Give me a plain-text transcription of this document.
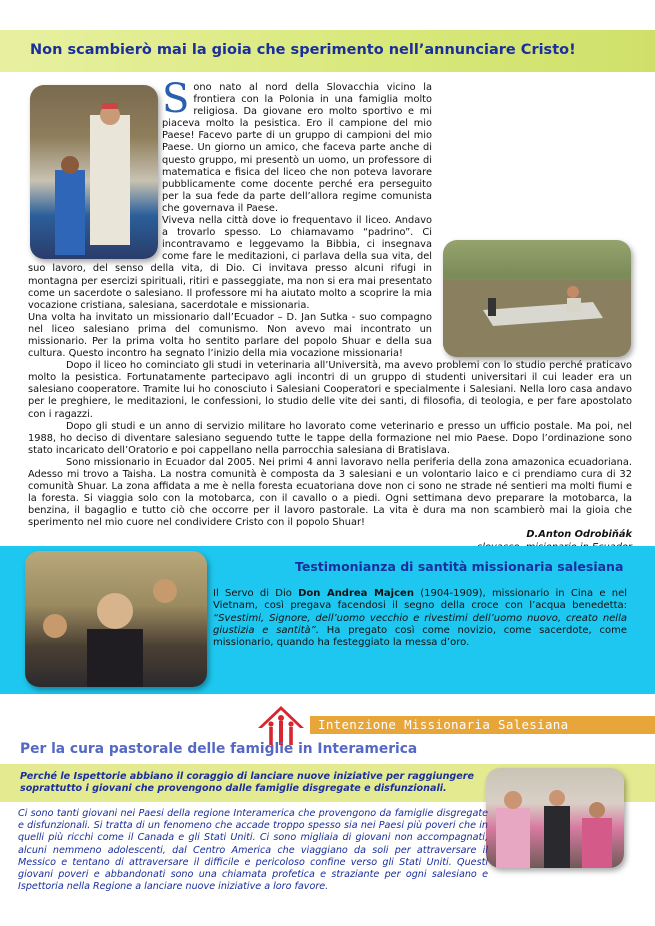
Non scambierò mai la gioia che sperimento nell’annunciare Cristo!

Sono nato al nord della Slovacchia vicino la frontiera con la Polonia in una famiglia molto religiosa. Da giovane ero molto sportivo e mi piaceva molto la pesistica. Ero il campione del mio Paese! Facevo parte di un gruppo di campioni del mio Paese. Un giorno un amico, che faceva parte anche di questo gruppo, mi presentò un uomo, un professore di matematica e fisica del liceo che non poteva lavorare pubblicamente come docente perché era perseguito per la sua fede da parte dell’allora regime comunista che governava il Paese.

Viveva nella città dove io frequentavo il liceo. Andavo a trovarlo spesso. Lo chiamavamo “padrino”. Ci incontravamo e leggevamo la Bibbia, ci insegnava come fare le meditazioni, ci parlava della sua vita, del suo lavoro, del senso della vita, di Dio. Ci invitava presso alcuni rifugi in montagna per esercizi spirituali, ritiri e passeggiate, ma non si era mai presentato come un sacerdote o salesiano. Il professore mi ha aiutato molto a scoprire la mia vocazione cristiana, salesiana, sacerdotale e missionaria.

Una volta ha invitato un missionario dall’Ecuador – D. Jan Sutka - suo compagno nel liceo salesiano prima del comunismo. Non avevo mai incontrato un missionario. Per la prima volta ho sentito parlare del popolo Shuar e della sua cultura. Questo incontro ha segnato l’inizio della mia vocazione missionaria!

Dopo il liceo ho cominciato gli studi in veterinaria all’Università, ma avevo problemi con lo studio perché praticavo molto la pesistica. Fortunatamente partecipavo agli incontri di un gruppo di studenti universitari il cui leader era un salesiano cooperatore. Tramite lui ho conosciuto i Salesiani Cooperatori e specialmente i Salesiani. Nella loro casa andavo per le preghiere, le meditazioni, le confessioni, lo studio delle vite dei santi, di filosofia, di teologia, e per fare apostolato con i ragazzi.

Dopo gli studi e un anno di servizio militare ho lavorato come veterinario e presso un ufficio postale. Ma poi, nel 1988, ho deciso di diventare salesiano seguendo tutte le tappe della formazione nel mio Paese. Dopo l’ordinazione sono stato incaricato dell’Oratorio e poi cappellano nella parrocchia salesiana di Bratislava.

Sono missionario in Ecuador dal 2005. Nei primi 4 anni lavoravo nella periferia della zona amazonica ecuadoriana. Adesso mi trovo a Taisha. La nostra comunità è composta da 3 salesiani e un volontario laico e ci prendiamo cura di 32 comunità Shuar. La zona affidata a me è nella foresta ecuatoriana dove non ci sono ne strade né sentieri ma molti fiumi e la foresta. Si viaggia solo con la motobarca, con il cavallo o a piedi. Ogni settimana devo preparare la motobarca, la benzina, il bagaglio e tutto ciò che occorre per il lavoro pastorale. La vita è dura ma non scambierò mai la gioia che sperimento nel mio cuore nel condividere Cristo con il popolo Shuar!

D.Anton Odrobiňák

Testimonianza di santità missionaria salesiana
Il Servo di Dio Don Andrea Majcen (1904-1909), missionario in Cina e nel Vietnam, così pregava facendosi il segno della croce con l’acqua benedetta: “Svestimi, Signore, dell’uomo vecchio e rivestimi dell’uomo nuovo, creato nella giustizia e santità”. Ha pregato così come novizio, come sacerdote, come missionario, quando ha festeggiato la messa d’oro.
Intenzione Missionaria Salesiana
Per la cura pastorale delle famiglie in Interamerica
Perché le Ispettorie abbiano il coraggio di lanciare nuove iniziative per raggiungere soprattutto i giovani che provengono dalle famiglie disgregate e disfunzionali.
Ci sono tanti giovani nei Paesi della regione Interamerica che provengono da famiglie disgregate e disfunzionali. Si tratta di un fenomeno che accade troppo spesso sia nei Paesi più poveri che in quelli più ricchi come il Canada e gli Stati Uniti. Ci sono migliaia di giovani non accompagnati, alcuni nemmeno adolescenti, dal Centro America che viaggiano da soli per attraversare il Messico e tentano di attraversare il difficile e pericoloso confine verso gli Stati Uniti. Questi giovani poveri e abbandonati sono una chiamata profetica e straziante per ogni salesiano e Ispettoria nella Regione a lanciare nuove iniziative a loro favore.
